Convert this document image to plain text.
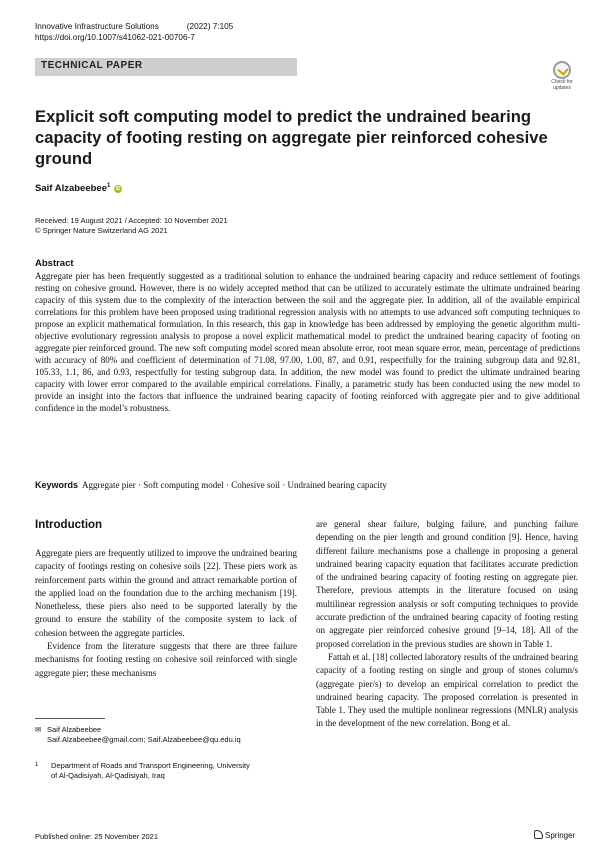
Innovative Infrastructure Solutions	(2022) 7:105
https://doi.org/10.1007/s41062-021-00706-7
TECHNICAL PAPER
Check for
updates
Explicit soft computing model to predict the undrained bearing capacity of footing resting on aggregate pier reinforced cohesive ground
Saif Alzabeebee$^1$ iD
Received: 19 August 2021 / Accepted: 10 November 2021
© Springer Nature Switzerland AG 2021
Abstract
Aggregate pier has been frequently suggested as a traditional solution to enhance the undrained bearing capacity and reduce settlement of footings resting on cohesive ground. However, there is no widely accepted method that can be utilized to accurately estimate the ultimate undrained bearing capacity of this system due to the complexity of the interaction between the soil and the aggregate pier. In addition, all of the available empirical correlations for this problem have been proposed using traditional regression analysis with no attempts to use advanced soft computing techniques to propose an explicit mathematical formulation. In this research, this gap in knowledge has been addressed by employing the genetic algorithm multi-objective evolutionary regression analysis to propose a novel explicit mathematical model to predict the undrained bearing capacity of footing on aggregate pier reinforced ground. The new soft computing model scored mean absolute error, root mean square error, mean, percentage of predictions with accuracy of 80% and coefficient of determination of 71.08, 97.00, 1.00, 87, and 0.91, respectfully for the training subgroup data and 92.81, 105.33, 1.1, 86, and 0.93, respectfully for testing subgroup data. In addition, the new model was found to predict the ultimate undrained bearing capacity with lower error compared to the available empirical correlations. Finally, a parametric study has been conducted using the new model to provide an insight into the factors that influence the undrained bearing capacity of footing reinforced with aggregate pier and to give additional confidence in the model’s robustness.
Keywords Aggregate pier · Soft computing model · Cohesive soil · Undrained bearing capacity
Introduction

Aggregate piers are frequently utilized to improve the undrained bearing capacity of footings resting on cohesive soils [22]. These piers work as reinforcement parts within the ground and attract remarkable portion of the applied load on the foundation due to the arching mechanism [19]. Nonetheless, these piers also need to be supported laterally by the ground to ensure the stability of the composite system to lack of cohesion between the aggregate particles.

Evidence from the literature suggests that there are three failure mechanisms for footing resting on cohesive soil reinforced with single aggregate pier; these mechanisms

are general shear failure, bulging failure, and punching failure depending on the pier length and ground condition [9]. Hence, having different failure mechanisms pose a challenge in proposing a general undrained bearing capacity equation that facilitates accurate prediction of the undrained bearing capacity of footing resting on aggregate pier. Therefore, previous attempts in the literature focused on using multilinear regression analysis or soft computing techniques to provide accurate prediction of the undrained bearing capacity of footing resting on aggregate pier reinforced cohesive ground [9–14, 18]. All of the proposed correlation in the previous studies are shown in Table 1.

Fattah et al. [18] collected laboratory results of the undrained bearing capacity of a footing resting on single and group of stones column/s (aggregate pier/s) to develop an empirical correlation to predict the undrained bearing capacity. The proposed correlation is presented in Table 1. They used the multiple nonlinear regressions (MNLR) analysis in the development of the new correlation. Bong et al.

✉ Saif Alzabeebee
Saif.Alzabeebee@gmail.com; Saif.Alzabeebee@qu.edu.iq
1 Department of Roads and Transport Engineering, University
of Al-Qadisiyah, Al-Qadisiyah, Iraq
Published online: 25 November 2021	Springer
